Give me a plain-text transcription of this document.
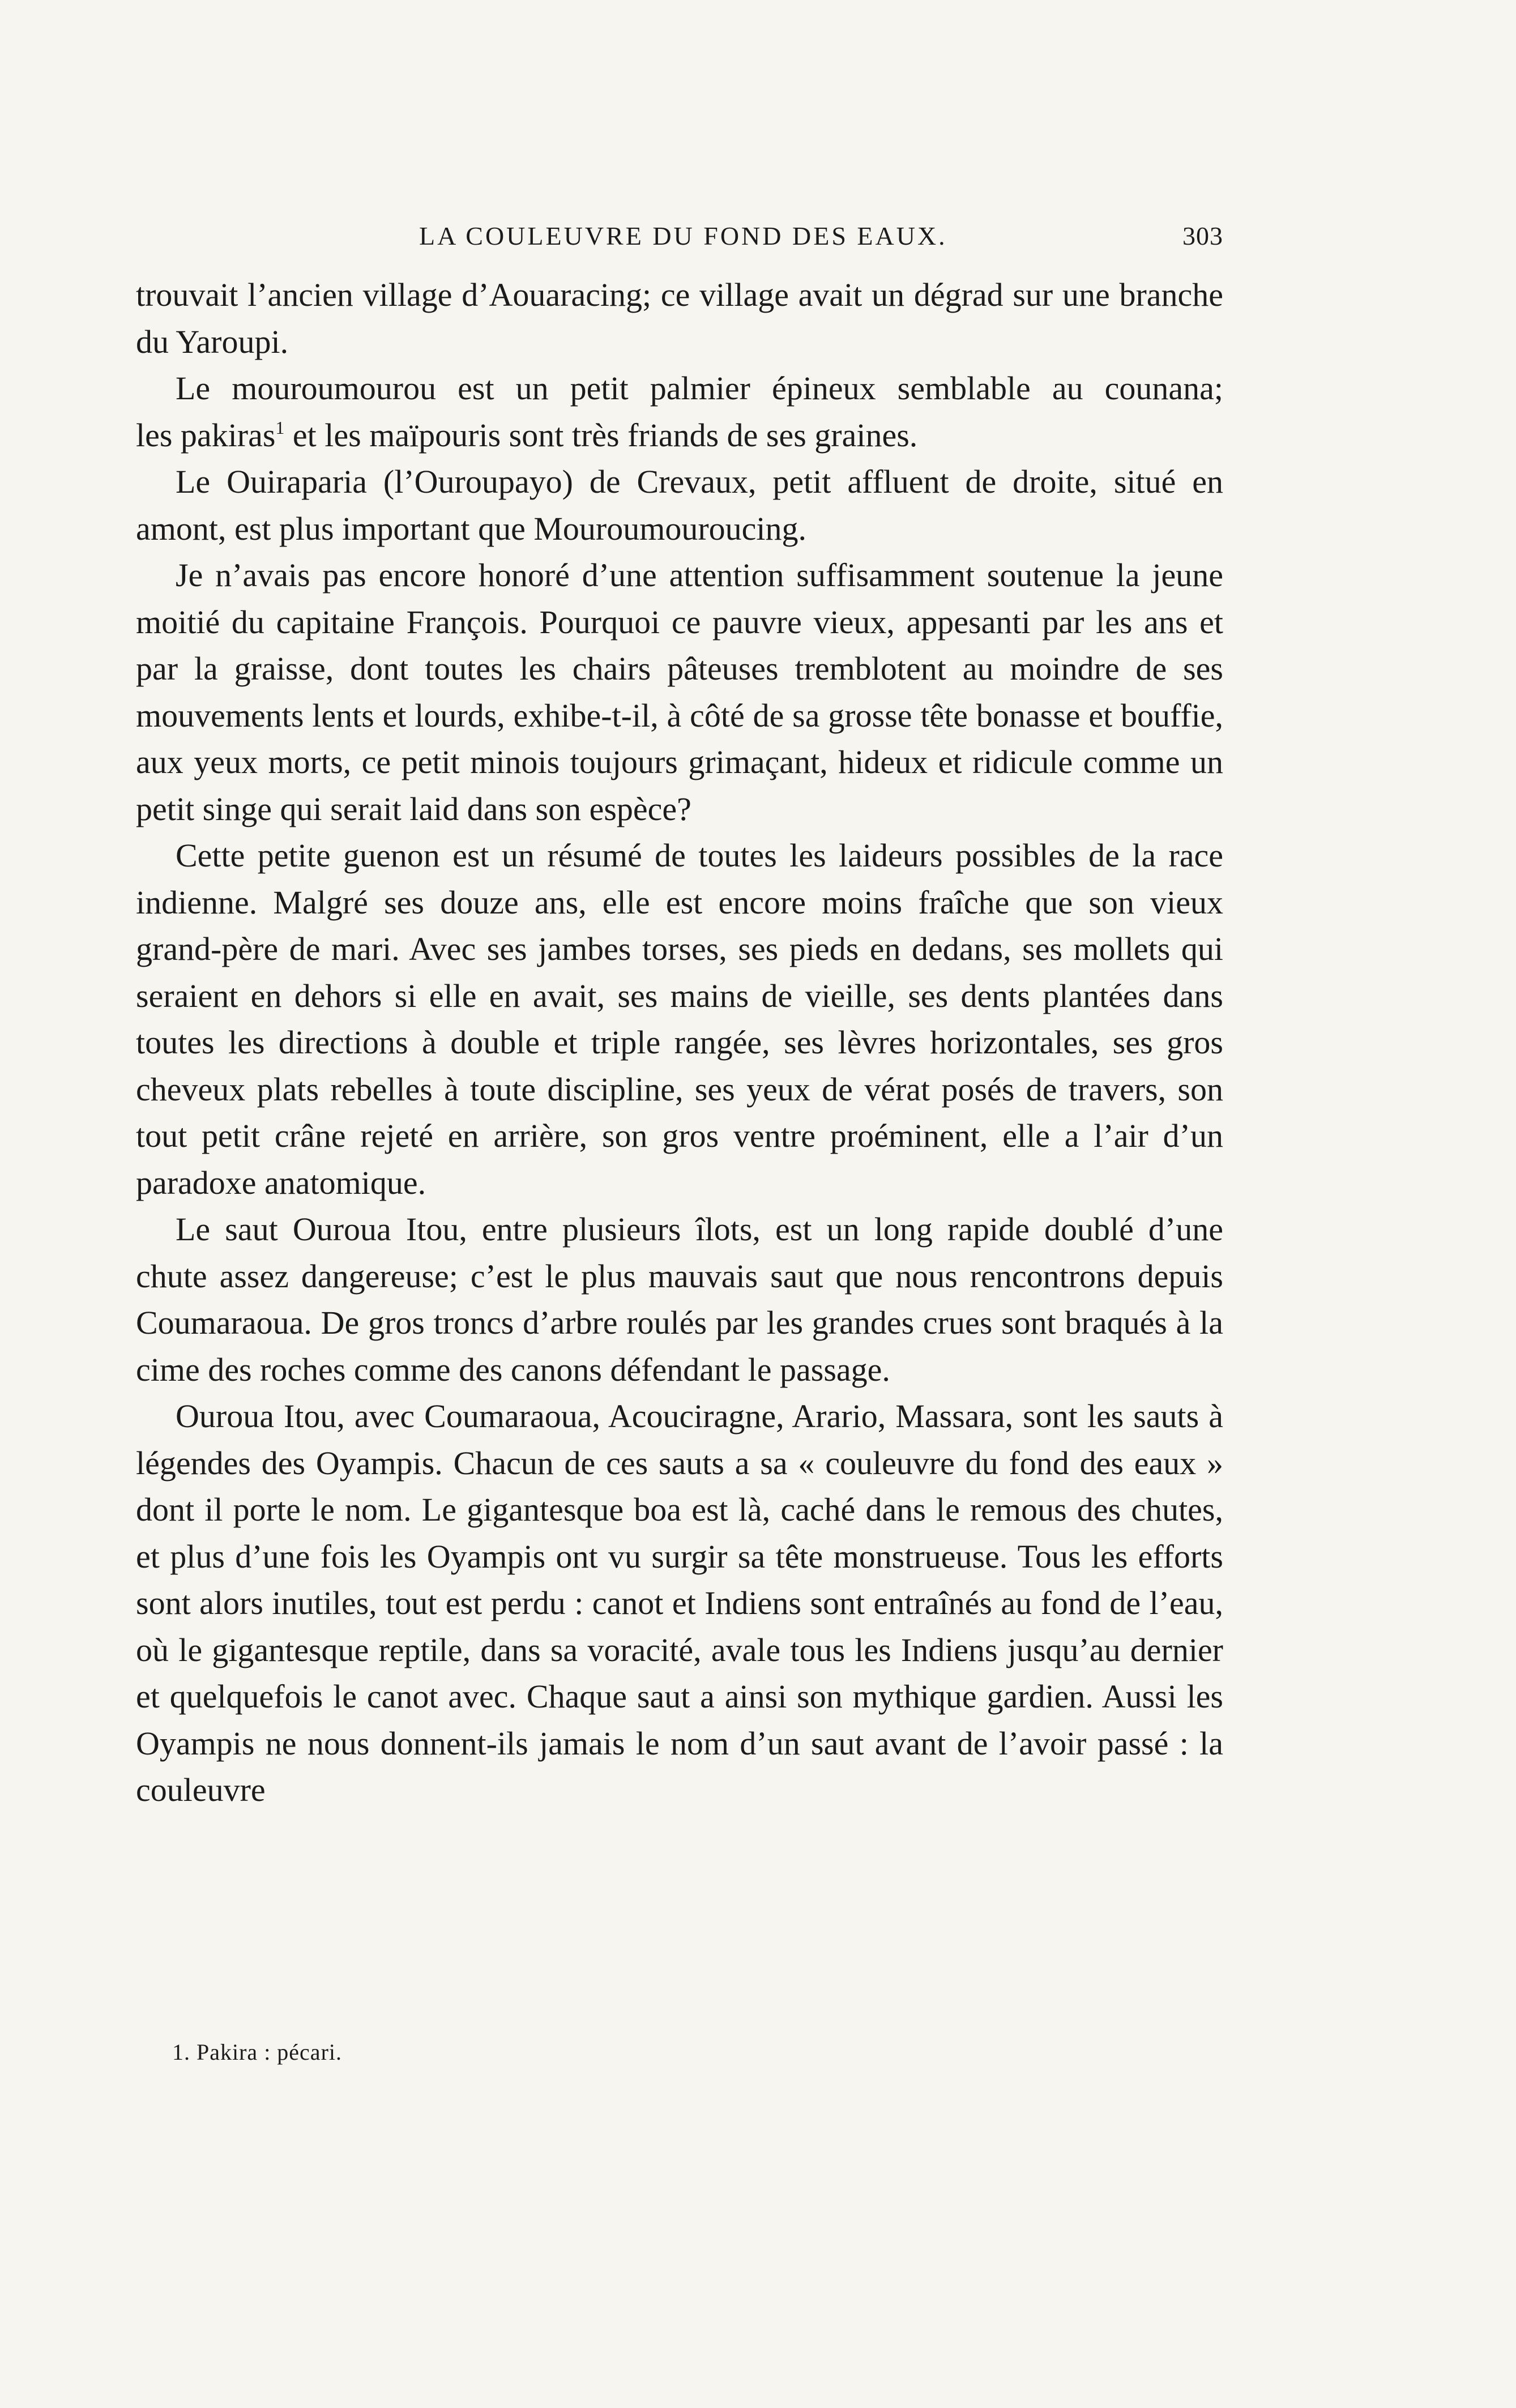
LA COULEUVRE DU FOND DES EAUX.	303

trouvait l’ancien village d’Aouaracing; ce village avait un dégrad sur une branche du Yaroupi.

Le mouroumourou est un petit palmier épineux semblable au counana;

les pakiras$^1$ et les maïpouris sont très friands de ses graines.

Le Ouiraparia (l’Ouroupayo) de Crevaux, petit affluent de droite, situé en amont, est plus important que Mouroumouroucing.

Je n’avais pas encore honoré d’une attention suffisamment soutenue la jeune moitié du capitaine François. Pourquoi ce pauvre vieux, appesanti par les ans et par la graisse, dont toutes les chairs pâteuses tremblotent au moindre de ses mouvements lents et lourds, exhibe-t-il, à côté de sa grosse tête bonasse et bouffie, aux yeux morts, ce petit minois toujours grimaçant, hideux et ridicule comme un petit singe qui serait laid dans son espèce?

Cette petite guenon est un résumé de toutes les laideurs possibles de la race indienne. Malgré ses douze ans, elle est encore moins fraîche que son vieux grand-père de mari. Avec ses jambes torses, ses pieds en dedans, ses mollets qui seraient en dehors si elle en avait, ses mains de vieille, ses dents plantées dans toutes les directions à double et triple rangée, ses lèvres horizontales, ses gros cheveux plats rebelles à toute discipline, ses yeux de vérat posés de travers, son tout petit crâne rejeté en arrière, son gros ventre proéminent, elle a l’air d’un paradoxe anatomique.

Le saut Ouroua Itou, entre plusieurs îlots, est un long rapide doublé d’une chute assez dangereuse; c’est le plus mauvais saut que nous rencontrons depuis Coumaraoua. De gros troncs d’arbre roulés par les grandes crues sont braqués à la cime des roches comme des canons défendant le passage.

Ouroua Itou, avec Coumaraoua, Acouciragne, Arario, Massara, sont les sauts à légendes des Oyampis. Chacun de ces sauts a sa « couleuvre du fond des eaux » dont il porte le nom. Le gigantesque boa est là, caché dans le remous des chutes, et plus d’une fois les Oyampis ont vu surgir sa tête monstrueuse. Tous les efforts sont alors inutiles, tout est perdu : canot et Indiens sont entraînés au fond de l’eau, où le gigantesque reptile, dans sa voracité, avale tous les Indiens jusqu’au dernier et quelquefois le canot avec. Chaque saut a ainsi son mythique gardien. Aussi les Oyampis ne nous donnent-ils jamais le nom d’un saut avant de l’avoir passé : la couleuvre

1. Pakira : pécari.
